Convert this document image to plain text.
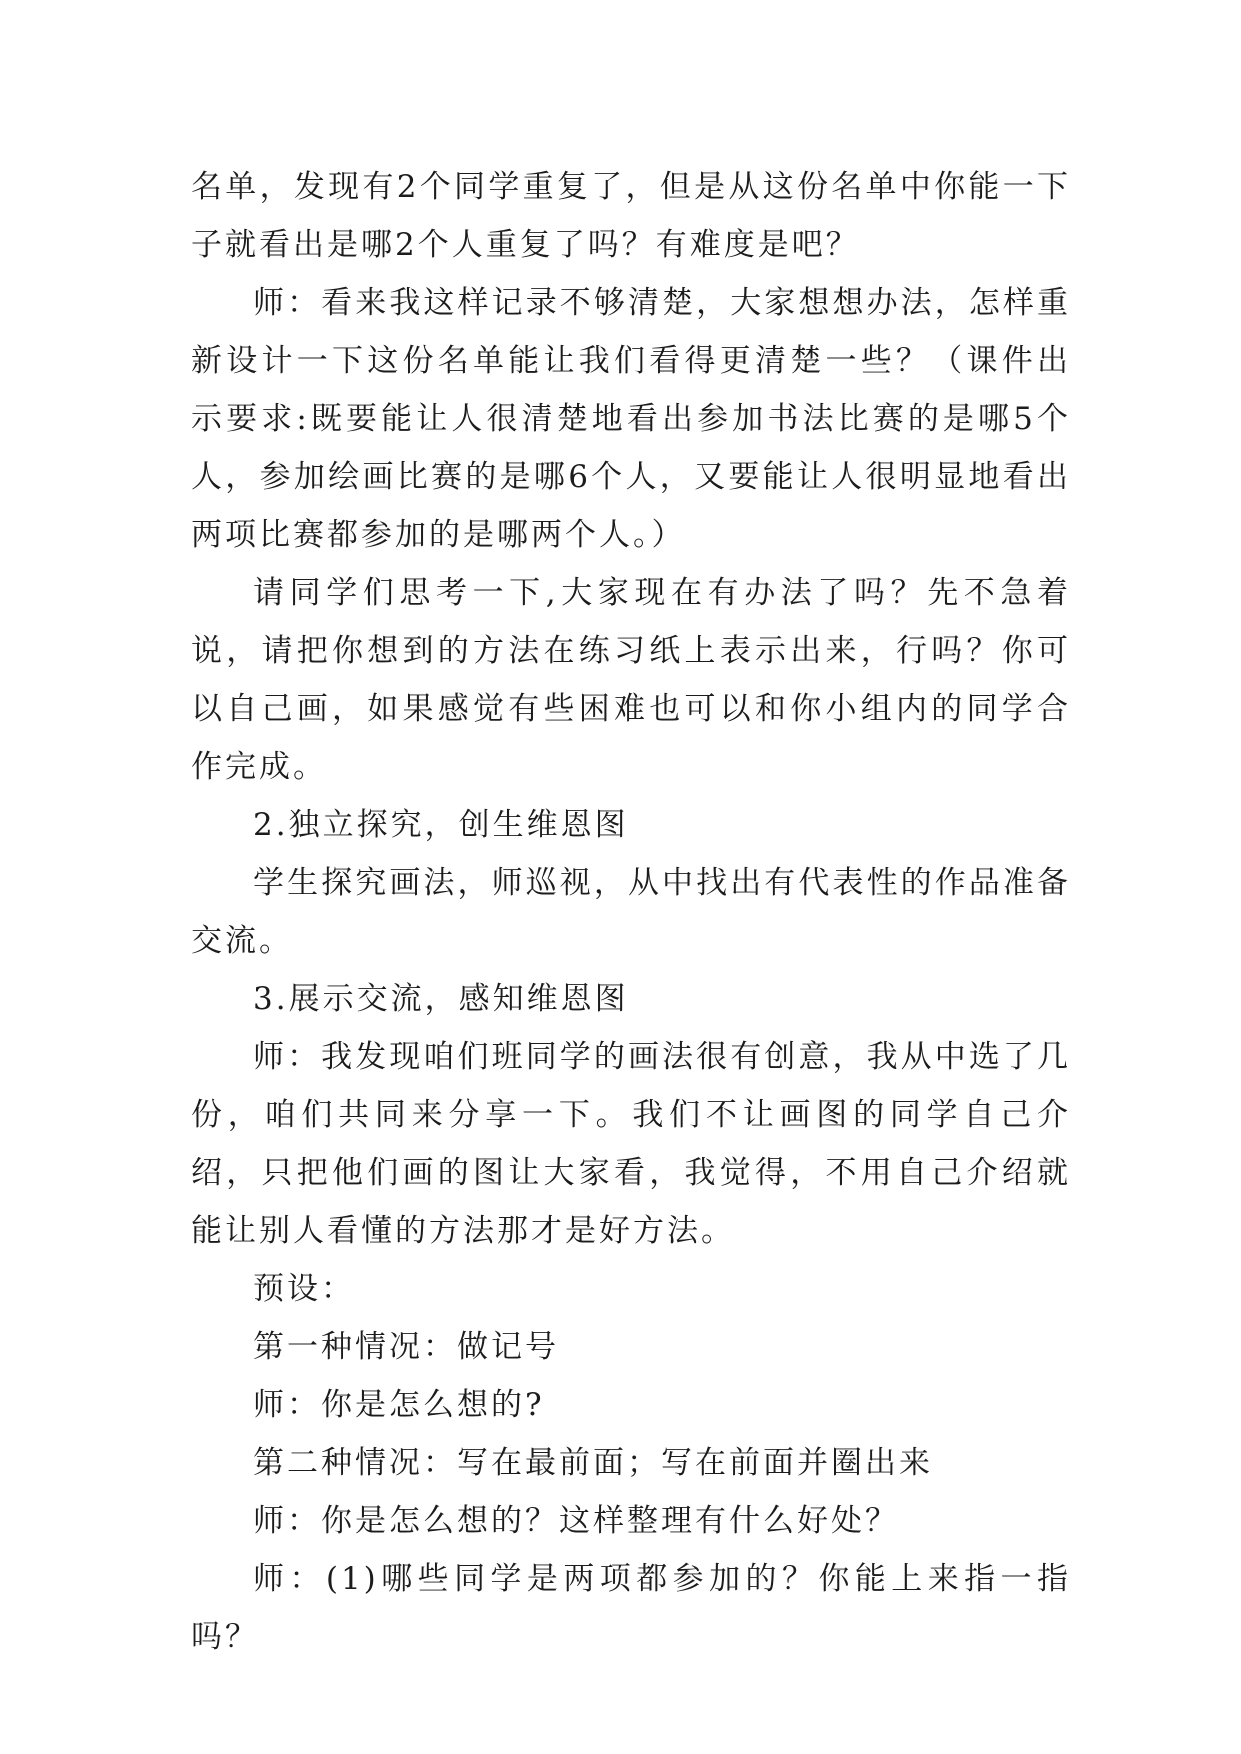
名单，发现有2个同学重复了，但是从这份名单中你能一下子就看出是哪2个人重复了吗？有难度是吧？

师：看来我这样记录不够清楚，大家想想办法，怎样重新设计一下这份名单能让我们看得更清楚一些？（课件出示要求:既要能让人很清楚地看出参加书法比赛的是哪5个人，参加绘画比赛的是哪6个人，又要能让人很明显地看出两项比赛都参加的是哪两个人。）

请同学们思考一下,大家现在有办法了吗？先不急着说，请把你想到的方法在练习纸上表示出来，行吗？你可以自己画，如果感觉有些困难也可以和你小组内的同学合作完成。

2.独立探究，创生维恩图

学生探究画法，师巡视，从中找出有代表性的作品准备交流。

3.展示交流，感知维恩图

师：我发现咱们班同学的画法很有创意，我从中选了几份，咱们共同来分享一下。我们不让画图的同学自己介绍，只把他们画的图让大家看，我觉得，不用自己介绍就能让别人看懂的方法那才是好方法。

预设：

第一种情况：做记号

师：你是怎么想的?

第二种情况：写在最前面；写在前面并圈出来

师：你是怎么想的？这样整理有什么好处？

师：(1)哪些同学是两项都参加的？你能上来指一指吗？
